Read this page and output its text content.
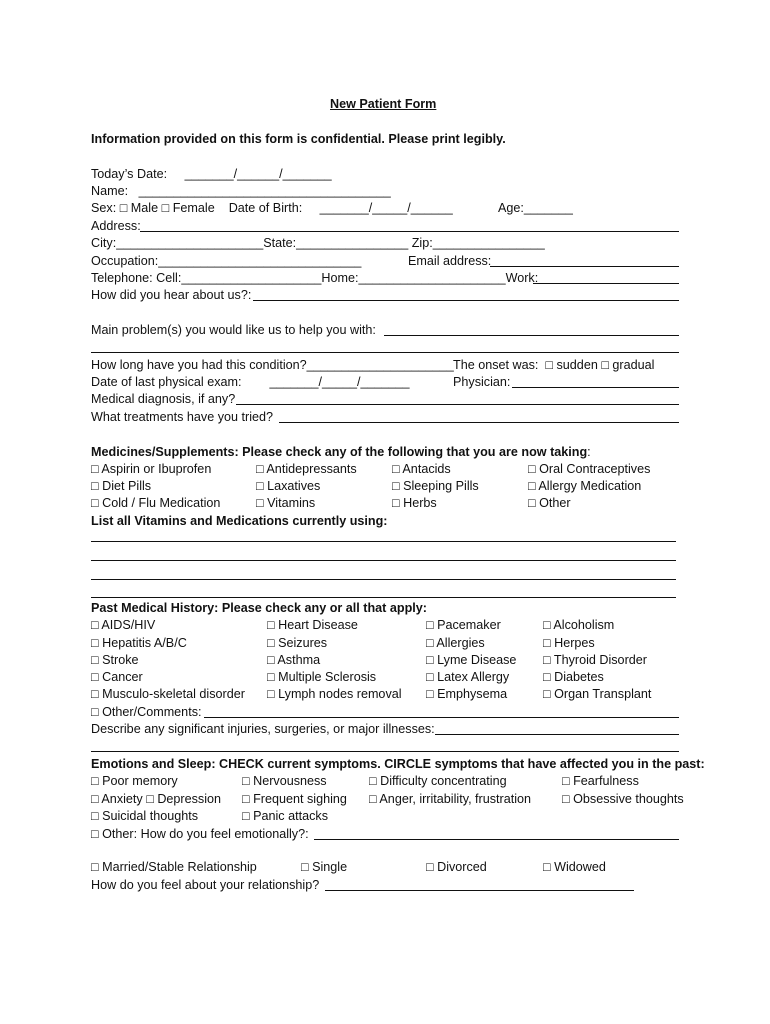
New Patient Form
Information provided on this form is confidential. Please print legibly.
Today’s Date:     _______/______/_______
Name:   ____________________________________
Sex: □ Male □ Female    Date of Birth:     _______/_____/______	Age:_______
Address:
City:_____________________State:________________ Zip:________________
Occupation:_____________________________	Email address:
Telephone: Cell:____________________Home:_____________________Work:
How did you hear about us?:
Main problem(s) you would like us to help you with:
How long have you had this condition?_____________________ The onset was:  □ sudden □ gradual
Date of last physical exam:        _______/_____/_______	Physician:
Medical diagnosis, if any?
What treatments have you tried?
Medicines/Supplements: Please check any of the following that you are now taking:
□ Aspirin or Ibuprofen	□ Antidepressants	□ Antacids	□ Oral Contraceptives
□ Diet Pills	□ Laxatives	□ Sleeping Pills	□ Allergy Medication
□ Cold / Flu Medication	□ Vitamins	□ Herbs	□ Other
List all Vitamins and Medications currently using:
Past Medical History: Please check any or all that apply:
□ AIDS/HIV	□ Heart Disease	□ Pacemaker	□ Alcoholism
□ Hepatitis A/B/C	□ Seizures	□ Allergies	□ Herpes
□ Stroke	□ Asthma	□ Lyme Disease □ Thyroid Disorder
□ Cancer	□ Multiple Sclerosis	□ Latex Allergy	□ Diabetes
□ Musculo-skeletal disorder □ Lymph nodes removal □ Emphysema	□ Organ Transplant
□ Other/Comments:
Describe any significant injuries, surgeries, or major illnesses:
Emotions and Sleep: CHECK current symptoms. CIRCLE symptoms that have affected you in the past:
□ Poor memory	□ Nervousness	□ Difficulty concentrating	□ Fearfulness
□ Anxiety □ Depression □ Frequent sighing □ Anger, irritability, frustration □ Obsessive thoughts
□ Suicidal thoughts	□ Panic attacks
□ Other: How do you feel emotionally?:
□ Married/Stable Relationship	□ Single	□ Divorced	□ Widowed
How do you feel about your relationship?
